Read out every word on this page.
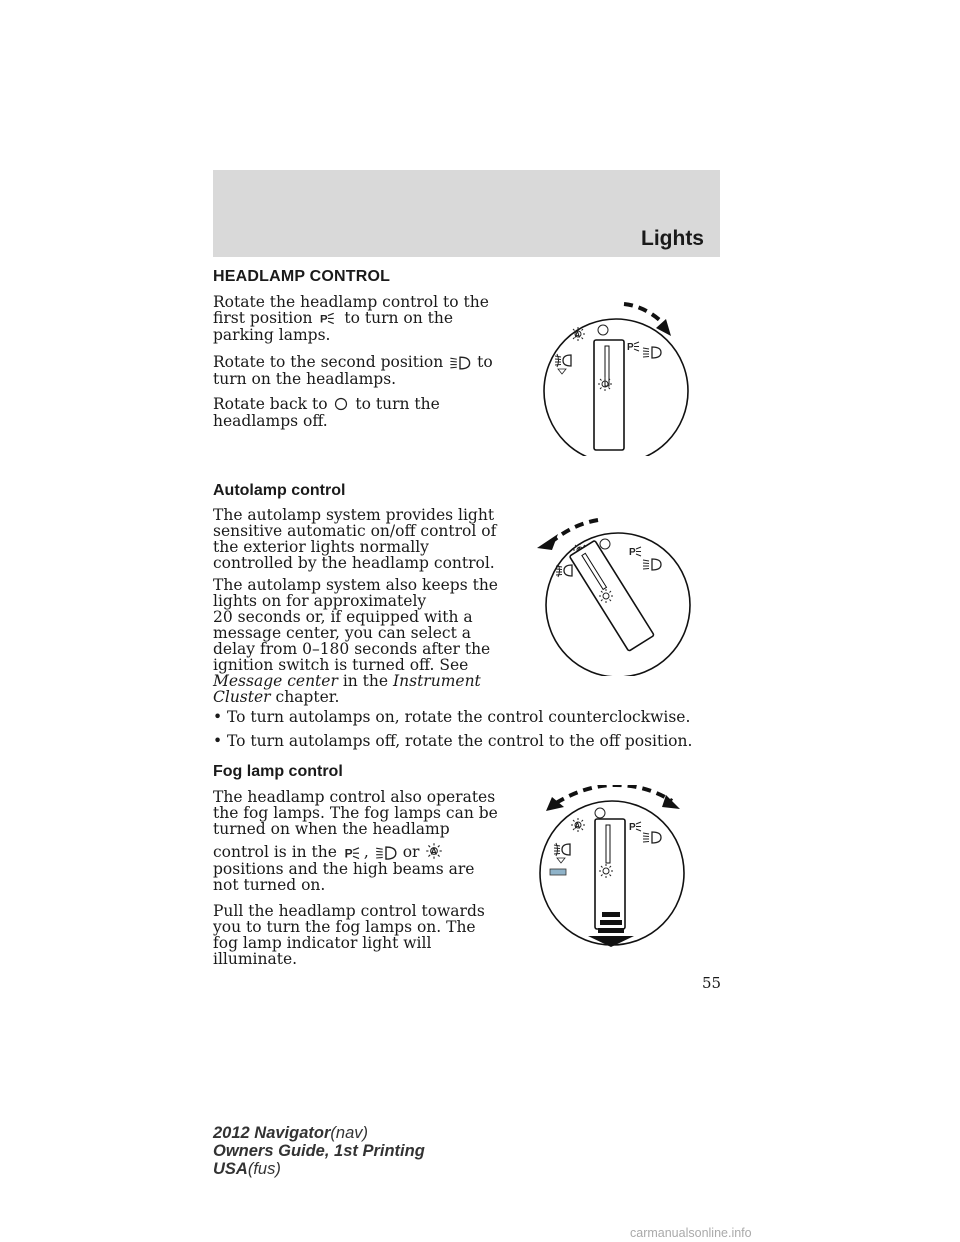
Lights
HEADLAMP CONTROL
Rotate the headlamp control to the
first position to turn on the
parking lamps.
Rotate to the second position to
turn on the headlamps.
Rotate back to to turn the
headlamps off.
A
Autolamp control
The autolamp system provides light
sensitive automatic on/off control of
the exterior lights normally
controlled by the headlamp control.
The autolamp system also keeps the
lights on for approximately
20 seconds or, if equipped with a
message center, you can select a
delay from 0–180 seconds after the
ignition switch is turned off. See
Message center in the Instrument
Cluster chapter.
• To turn autolamps on, rotate the control counterclockwise.
• To turn autolamps off, rotate the control to the off position.
Fog lamp control
The headlamp control also operates
the fog lamps. The fog lamps can be
turned on when the headlamp
control is in the , or A
positions and the high beams are
not turned on.
Pull the headlamp control towards
you to turn the fog lamps on. The
fog lamp indicator light will
illuminate.
A
55
2012 Navigator(nav)
Owners Guide, 1st Printing
USA(fus)
carmanualsonline.info
